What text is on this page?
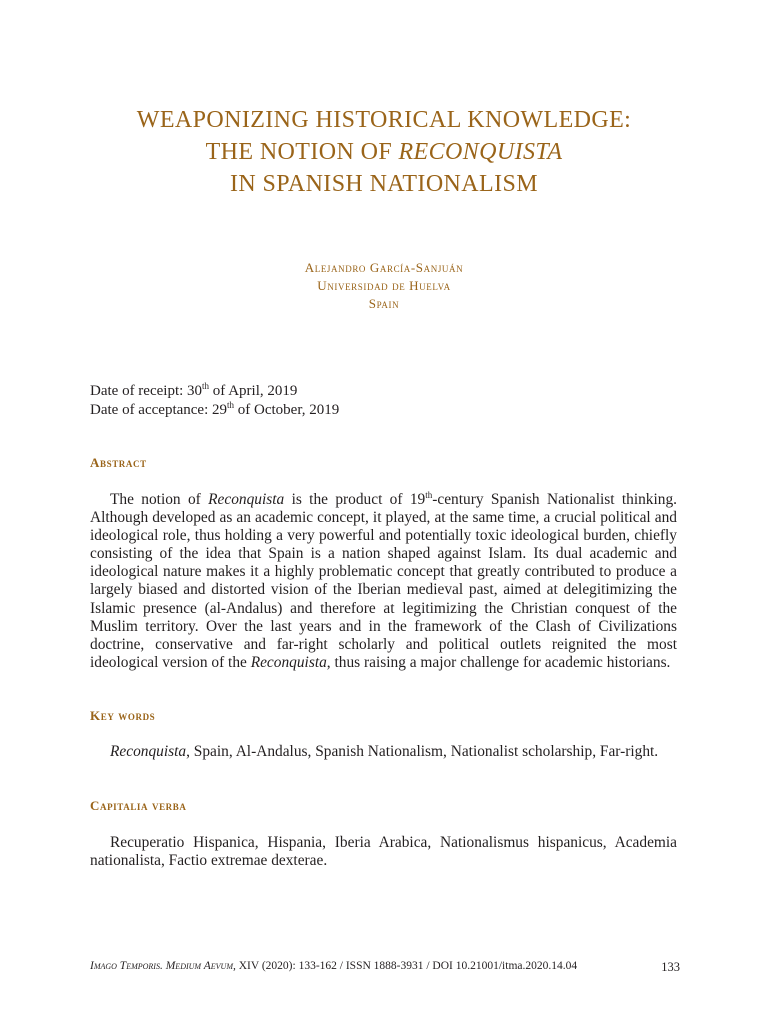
WEAPONIZING HISTORICAL KNOWLEDGE:
THE NOTION OF RECONQUISTA
IN SPANISH NATIONALISM
Alejandro García-Sanjuán
Universidad de Huelva
Spain
Date of receipt: 30th of April, 2019
Date of acceptance: 29th of October, 2019
Abstract
The notion of Reconquista is the product of 19th-century Spanish Nationalist thinking. Although developed as an academic concept, it played, at the same time, a crucial political and ideological role, thus holding a very powerful and potentially toxic ideological burden, chiefly consisting of the idea that Spain is a nation shaped against Islam. Its dual academic and ideological nature makes it a highly problematic concept that greatly contributed to produce a largely biased and distorted vision of the Iberian medieval past, aimed at delegitimizing the Islamic presence (al-Andalus) and therefore at legitimizing the Christian conquest of the Muslim territory. Over the last years and in the framework of the Clash of Civilizations doctrine, conservative and far-right scholarly and political outlets reignited the most ideological version of the Reconquista, thus raising a major challenge for academic historians.
Key words
Reconquista, Spain, Al-Andalus, Spanish Nationalism, Nationalist scholarship, Far-right.
Capitalia verba
Recuperatio Hispanica, Hispania, Iberia Arabica, Nationalismus hispanicus, Academia nationalista, Factio extremae dexterae.
Imago Temporis. Medium Aevum, XIV (2020): 133-162 / ISSN 1888-3931 / DOI 10.21001/itma.2020.14.04	133
